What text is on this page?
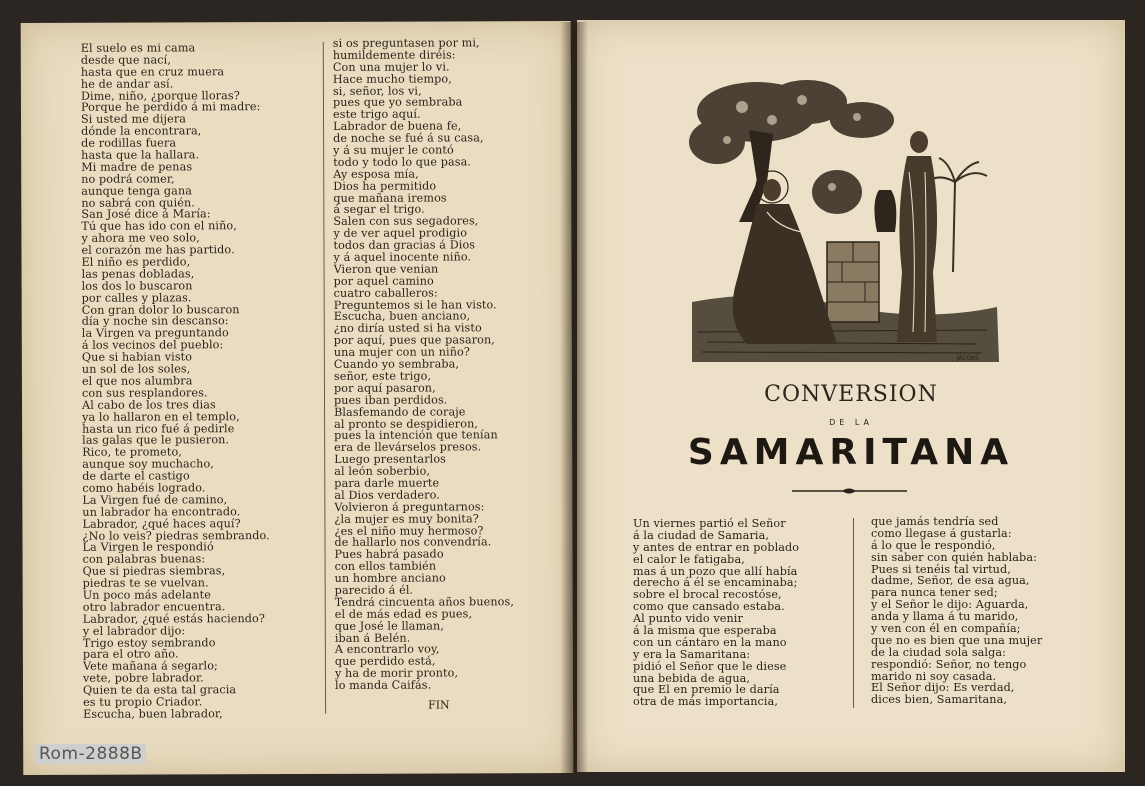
El suelo es mi cama
desde que nací,
hasta que en cruz muera
he de andar así.
Dime, niño, ¿porque lloras?
Porque he perdido á mi madre:
Si usted me dijera
dónde la encontrara,
de rodillas fuera
hasta que la hallara.
Mi madre de penas
no podrá comer,
aunque tenga gana
no sabrá con quién.
San José dice á María:
Tú que has ido con el niño,
y ahora me veo solo,
el corazón me has partido.
El niño es perdido,
las penas dobladas,
los dos lo buscaron
por calles y plazas.
Con gran dolor lo buscaron
día y noche sin descanso:
la Virgen va preguntando
á los vecinos del pueblo:
Que si habian visto
un sol de los soles,
el que nos alumbra
con sus resplandores.
Al cabo de los tres dias
ya lo hallaron en el templo,
hasta un rico fué á pedirle
las galas que le pusieron.
Rico, te prometo,
aunque soy muchacho,
de darte el castigo
como habéis logrado.
La Virgen fué de camino,
un labrador ha encontrado.
Labrador, ¿qué haces aquí?
¿No lo veis? piedras sembrando.
La Virgen le respondió
con palabras buenas:
Que si piedras siembras,
piedras te se vuelvan.
Un poco más adelante
otro labrador encuentra.
Labrador, ¿qué estás haciendo?
y el labrador dijo:
Trigo estoy sembrando
para el otro año.
Vete mañana á segarlo;
vete, pobre labrador.
Quien te da esta tal gracia
es tu propio Criador.
Escucha, buen labrador,
si os preguntasen por mi,
humildemente diréis:
Con una mujer lo vi.
Hace mucho tiempo,
si, señor, los vi,
pues que yo sembraba
este trigo aquí.
Labrador de buena fe,
de noche se fué á su casa,
y á su mujer le contó
todo y todo lo que pasa.
Ay esposa mía,
Dios ha permitido
que mañana iremos
á segar el trigo.
Salen con sus segadores,
y de ver aquel prodigio
todos dan gracias á Dios
y á aquel inocente niño.
Vieron que venian
por aquel camino
cuatro caballeros:
Preguntemos si le han visto.
Escucha, buen anciano,
¿no diría usted si ha visto
por aquí, pues que pasaron,
una mujer con un niño?
Cuando yo sembraba,
señor, este trigo,
por aquí pasaron,
pues iban perdidos.
Blasfemando de coraje
al pronto se despidieron,
pues la intención que tenían
era de llevárselos presos.
Luego presentarlos
al león soberbio,
para darle muerte
al Dios verdadero.
Volvieron á preguntarnos:
¿la mujer es muy bonita?
¿es el niño muy hermoso?
de hallarlo nos convendría.
Pues habrá pasado
con ellos también
un hombre anciano
parecido á él.
Tendrá cincuenta años buenos,
el de más edad es pues,
que José le llaman,
iban á Belén.
A encontrarlo voy,
que perdido está,
y ha de morir pronto,
lo manda Caifás.
FIN
JACOBS
CONVERSION
DE LA
SAMARITANA
Un viernes partió el Señor
á la ciudad de Samaria,
y antes de entrar en poblado
el calor le fatigaba,
mas á un pozo que allí había
derecho á él se encaminaba;
sobre el brocal recostóse,
como que cansado estaba.
Al punto vido venir
á la misma que esperaba
con un cántaro en la mano
y era la Samaritana:
pidió el Señor que le diese
una bebida de agua,
que El en premio le daría
otra de más importancia,
que jamás tendría sed
como llegase á gustarla:
á lo que le respondió,
sin saber con quién hablaba:
Pues si tenéis tal virtud,
dadme, Señor, de esa agua,
para nunca tener sed;
y el Señor le dijo: Aguarda,
anda y llama á tu marido,
y ven con él en compañía;
que no es bien que una mujer
de la ciudad sola salga:
respondió: Señor, no tengo
marido ni soy casada.
El Señor dijo: Es verdad,
dices bien, Samaritana,
Rom-2888B
